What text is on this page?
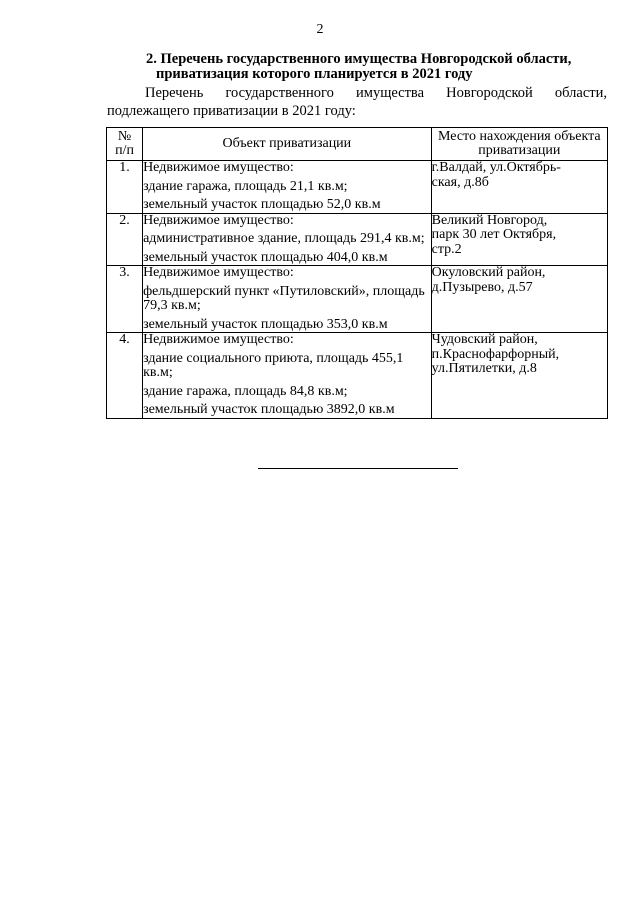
2
2. Перечень государственного имущества Новгородской области,
приватизация которого планируется в 2021 году
Перечень государственного имущества Новгородской области, подлежащего приватизации в 2021 году:
№
п/п	Объект приватизации	Место нахождения объекта приватизации
1.	Недвижимое имущество:
здание гаража, площадь 21,1 кв.м;
земельный участок площадью 52,0 кв.м	г.Валдай, ул.Октябрь-
ская, д.8б

2.	Недвижимое имущество:
административное здание, площадь 291,4 кв.м;
земельный участок площадью 404,0 кв.м	Великий Новгород,
парк 30 лет Октября,
стр.2

3.	Недвижимое имущество:
фельдшерский пункт «Путиловский», площадь 79,3 кв.м;
земельный участок площадью 353,0 кв.м	Окуловский район,
д.Пузырево, д.57

4.	Недвижимое имущество:
здание социального приюта, площадь 455,1 кв.м;
здание гаража, площадь 84,8 кв.м;
земельный участок площадью 3892,0 кв.м	Чудовский район,
п.Краснофарфорный,
ул.Пятилетки, д.8
